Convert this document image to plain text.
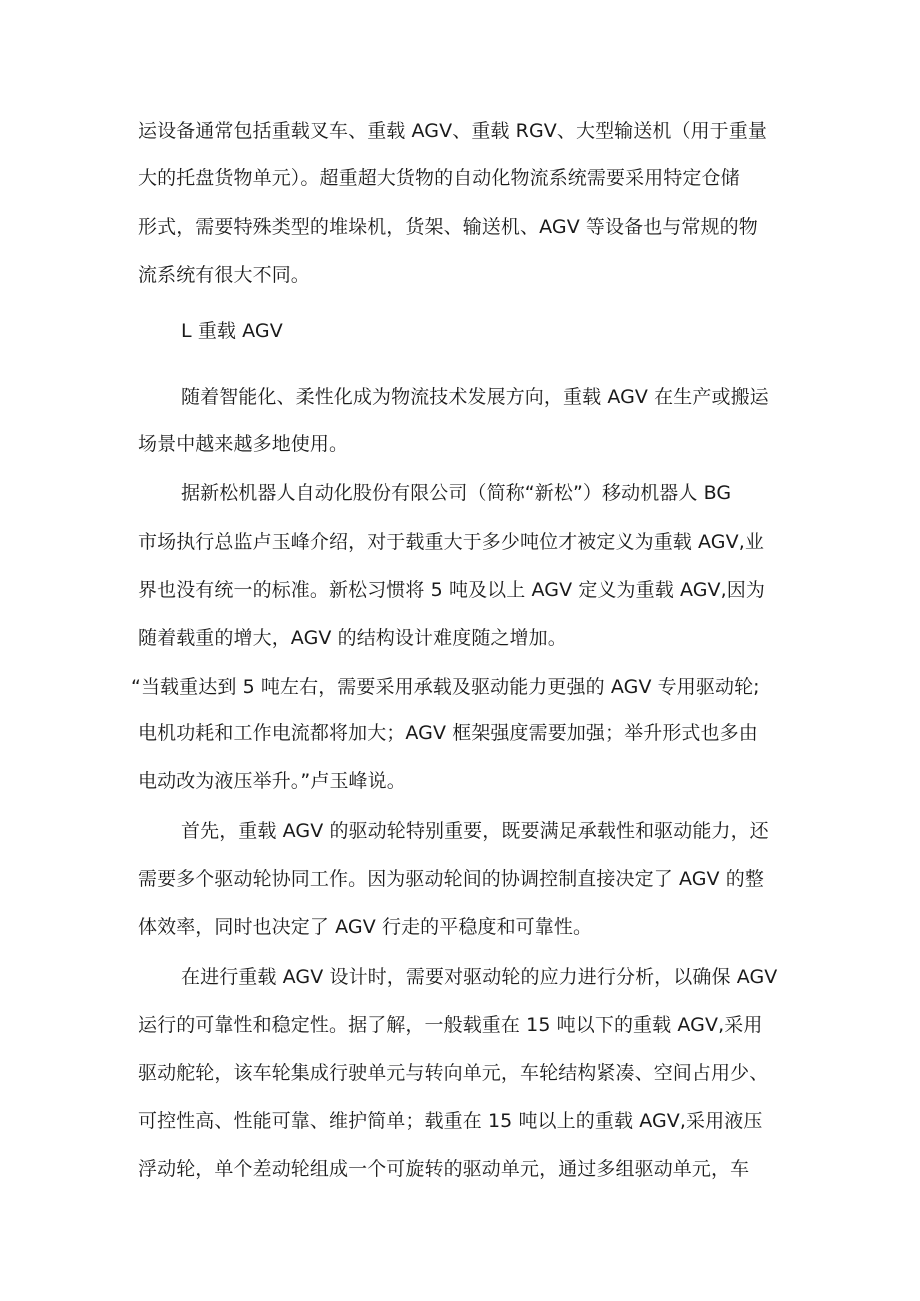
运设备通常包括重载叉车、重载 AGV、重载 RGV、大型输送机（用于重量
大的托盘货物单元）。超重超大货物的自动化物流系统需要采用特定仓储
形式，需要特殊类型的堆垛机，货架、输送机、AGV 等设备也与常规的物
流系统有很大不同。
L 重载 AGV
随着智能化、柔性化成为物流技术发展方向，重载 AGV 在生产或搬运
场景中越来越多地使用。
据新松机器人自动化股份有限公司（简称“新松”）移动机器人 BG
市场执行总监卢玉峰介绍，对于载重大于多少吨位才被定义为重载 AGV,业
界也没有统一的标准。新松习惯将 5 吨及以上 AGV 定义为重载 AGV,因为
随着载重的增大，AGV 的结构设计难度随之增加。
“当载重达到 5 吨左右，需要采用承载及驱动能力更强的 AGV 专用驱动轮;
电机功耗和工作电流都将加大；AGV 框架强度需要加强；举升形式也多由
电动改为液压举升。”卢玉峰说。
首先，重载 AGV 的驱动轮特别重要，既要满足承载性和驱动能力，还
需要多个驱动轮协同工作。因为驱动轮间的协调控制直接决定了 AGV 的整
体效率，同时也决定了 AGV 行走的平稳度和可靠性。
在进行重载 AGV 设计时，需要对驱动轮的应力进行分析，以确保 AGV
运行的可靠性和稳定性。据了解，一般载重在 15 吨以下的重载 AGV,采用
驱动舵轮，该车轮集成行驶单元与转向单元，车轮结构紧凑、空间占用少、
可控性高、性能可靠、维护简单；载重在 15 吨以上的重载 AGV,采用液压
浮动轮，单个差动轮组成一个可旋转的驱动单元，通过多组驱动单元，车
